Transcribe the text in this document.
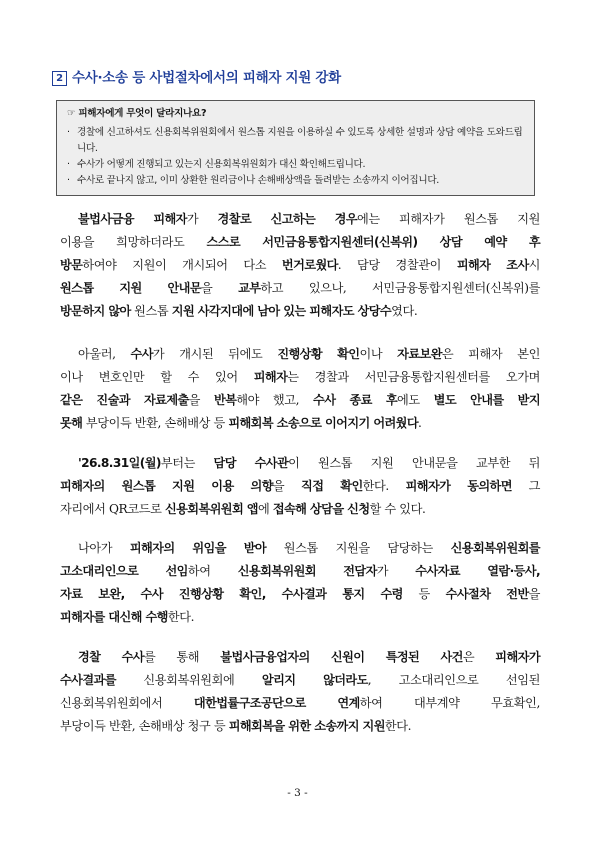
2 수사·소송 등 사법절차에서의 피해자 지원 강화
☞ 피해자에게 무엇이 달라지나요?
· 경찰에 신고하셔도 신용회복위원회에서 원스톱 지원을 이용하실 수 있도록 상세한 설명과 상담 예약을 도와드립니다.
· 수사가 어떻게 진행되고 있는지 신용회복위원회가 대신 확인해드립니다.
· 수사로 끝나지 않고, 이미 상환한 원리금이나 손해배상액을 돌려받는 소송까지 이어집니다.
불법사금융 피해자가 경찰로 신고하는 경우에는 피해자가 원스톱 지원
이용을 희망하더라도 스스로 서민금융통합지원센터(신복위) 상담 예약 후
방문하여야 지원이 개시되어 다소 번거로웠다. 담당 경찰관이 피해자 조사시
원스톱 지원 안내문을 교부하고 있으나, 서민금융통합지원센터(신복위)를
방문하지 않아 원스톱 지원 사각지대에 남아 있는 피해자도 상당수였다.
아울러, 수사가 개시된 뒤에도 진행상황 확인이나 자료보완은 피해자 본인
이나 변호인만 할 수 있어 피해자는 경찰과 서민금융통합지원센터를 오가며
같은 진술과 자료제출을 반복해야 했고, 수사 종료 후에도 별도 안내를 받지
못해 부당이득 반환, 손해배상 등 피해회복 소송으로 이어지기 어려웠다.
'26.8.31일(월)부터는 담당 수사관이 원스톱 지원 안내문을 교부한 뒤
피해자의 원스톱 지원 이용 의향을 직접 확인한다. 피해자가 동의하면 그
자리에서 QR코드로 신용회복위원회 앱에 접속해 상담을 신청할 수 있다.
나아가 피해자의 위임을 받아 원스톱 지원을 담당하는 신용회복위원회를
고소대리인으로 선임하여 신용회복위원회 전담자가 수사자료 열람·등사,
자료 보완, 수사 진행상황 확인, 수사결과 통지 수령 등 수사절차 전반을
피해자를 대신해 수행한다.
경찰 수사를 통해 불법사금융업자의 신원이 특정된 사건은 피해자가
수사결과를 신용회복위원회에 알리지 않더라도, 고소대리인으로 선임된
신용회복위원회에서 대한법률구조공단으로 연계하여 대부계약 무효확인,
부당이득 반환, 손해배상 청구 등 피해회복을 위한 소송까지 지원한다.
- 3 -
